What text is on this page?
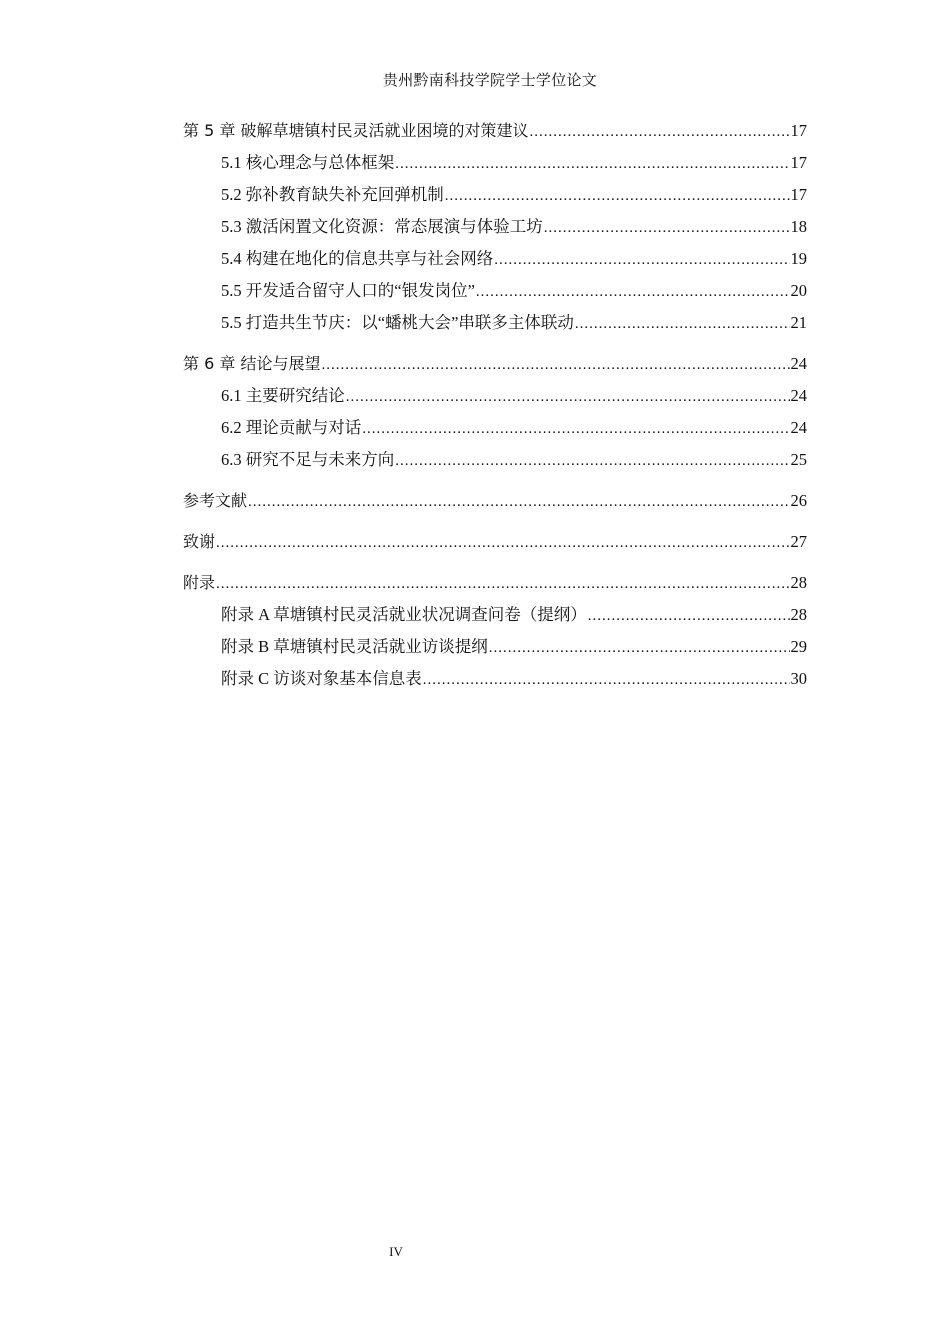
贵州黔南科技学院学士学位论文
第 5 章 破解草塘镇村民灵活就业困境的对策建议 .....	17
5.1 核心理念与总体框架 .....	17
5.2 弥补教育缺失补充回弹机制 .....	17
5.3 激活闲置文化资源：常态展演与体验工坊 .....	18
5.4 构建在地化的信息共享与社会网络 .....	19
5.5 开发适合留守人口的“银发岗位” .....	20
5.5 打造共生节庆：以“蟠桃大会”串联多主体联动 .....	21
第 6 章 结论与展望 .....	24
6.1 主要研究结论 .....	24
6.2 理论贡献与对话 .....	24
6.3 研究不足与未来方向 .....	25
参考文献 .....	26
致谢 .....	27
附录 .....	28
附录 A 草塘镇村民灵活就业状况调查问卷（提纲） .....	28
附录 B 草塘镇村民灵活就业访谈提纲 .....	29
附录 C 访谈对象基本信息表 .....	30
IV
